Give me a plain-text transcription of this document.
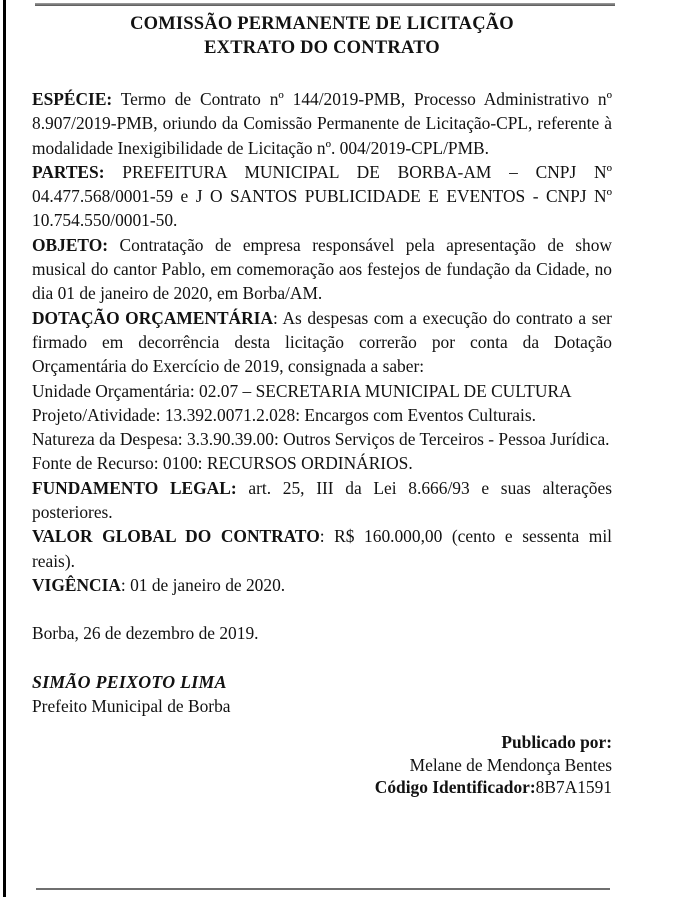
COMISSÃO PERMANENTE DE LICITAÇÃO
EXTRATO DO CONTRATO

ESPÉCIE: Termo de Contrato nº 144/2019-PMB, Processo Administrativo nº 8.907/2019-PMB, oriundo da Comissão Permanente de Licitação-CPL, referente à modalidade Inexigibilidade de Licitação nº. 004/2019-CPL/PMB.

PARTES: PREFEITURA MUNICIPAL DE BORBA-AM – CNPJ Nº 04.477.568/0001-59 e J O SANTOS PUBLICIDADE E EVENTOS - CNPJ Nº 10.754.550/0001-50.

OBJETO: Contratação de empresa responsável pela apresentação de show musical do cantor Pablo, em comemoração aos festejos de fundação da Cidade, no dia 01 de janeiro de 2020, em Borba/AM.

DOTAÇÃO ORÇAMENTÁRIA: As despesas com a execução do contrato a ser firmado em decorrência desta licitação correrão por conta da Dotação Orçamentária do Exercício de 2019, consignada a saber:

Unidade Orçamentária: 02.07 – SECRETARIA MUNICIPAL DE CULTURA

Projeto/Atividade: 13.392.0071.2.028: Encargos com Eventos Culturais.

Natureza da Despesa: 3.3.90.39.00: Outros Serviços de Terceiros - Pessoa Jurídica.

Fonte de Recurso: 0100: RECURSOS ORDINÁRIOS.

FUNDAMENTO LEGAL: art. 25, III da Lei 8.666/93 e suas alterações posteriores.

VALOR GLOBAL DO CONTRATO: R$ 160.000,00 (cento e sessenta mil reais).

VIGÊNCIA: 01 de janeiro de 2020.

Borba, 26 de dezembro de 2019.

SIMÃO PEIXOTO LIMA

Prefeito Municipal de Borba

Publicado por:
Melane de Mendonça Bentes
Código Identificador:8B7A1591
